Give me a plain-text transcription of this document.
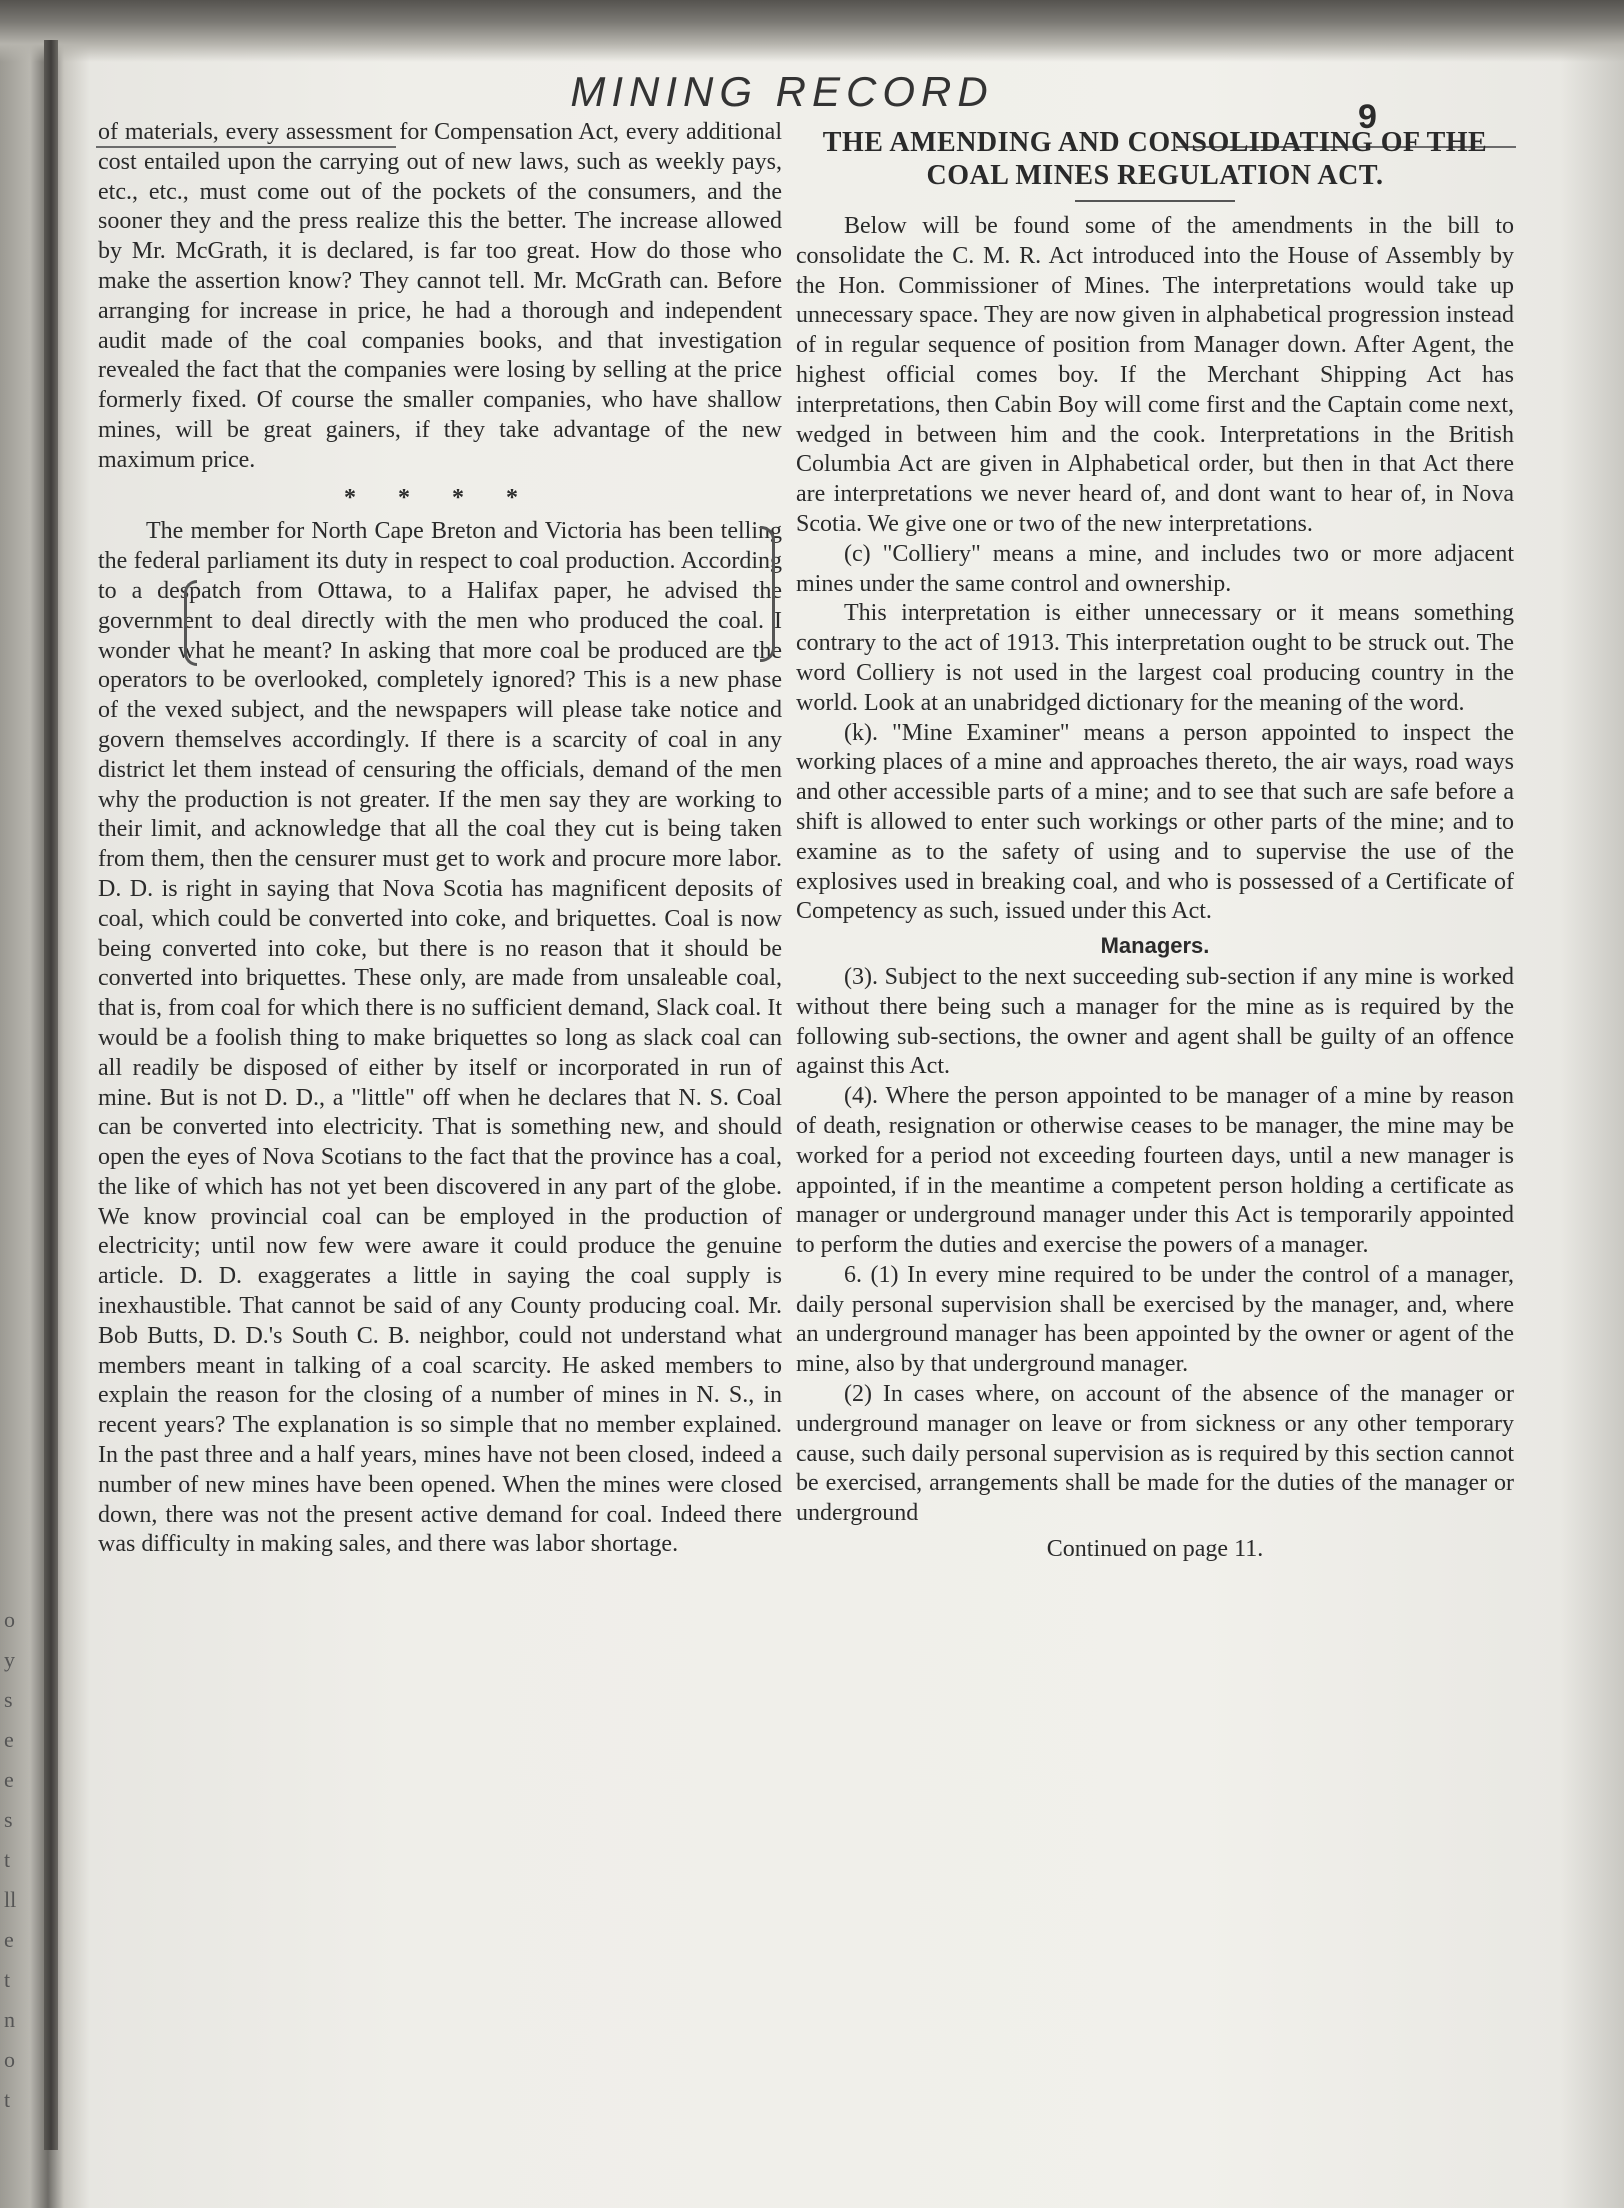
o
y
s
e
e
s
t
ll
e
t
n
o
t
MINING RECORD
9

of materials, every assessment for Compensation Act, every additional cost entailed upon the carrying out of new laws, such as weekly pays, etc., etc., must come out of the pockets of the consumers, and the sooner they and the press realize this the better. The increase allowed by Mr. McGrath, it is declared, is far too great. How do those who make the assertion know? They cannot tell. Mr. McGrath can. Before arranging for increase in price, he had a thorough and independent audit made of the coal companies books, and that investigation revealed the fact that the companies were losing by selling at the price formerly fixed. Of course the smaller companies, who have shallow mines, will be great gainers, if they take advantage of the new maximum price.

* * * *

The member for North Cape Breton and Victoria has been telling the federal parliament its duty in respect to coal production. According to a despatch from Ottawa, to a Halifax paper, he advised the government to deal directly with the men who produced the coal. I wonder what he meant? In asking that more coal be produced are the operators to be overlooked, completely ignored? This is a new phase of the vexed subject, and the newspapers will please take notice and govern themselves accordingly. If there is a scarcity of coal in any district let them instead of censuring the officials, demand of the men why the production is not greater. If the men say they are working to their limit, and acknowledge that all the coal they cut is being taken from them, then the censurer must get to work and procure more labor. D. D. is right in saying that Nova Scotia has magnificent deposits of coal, which could be converted into coke, and briquettes. Coal is now being converted into coke, but there is no reason that it should be converted into briquettes. These only, are made from unsaleable coal, that is, from coal for which there is no sufficient demand, Slack coal. It would be a foolish thing to make briquettes so long as slack coal can all readily be disposed of either by itself or incorporated in run of mine. But is not D. D., a "little" off when he declares that N. S. Coal can be converted into electricity. That is something new, and should open the eyes of Nova Scotians to the fact that the province has a coal, the like of which has not yet been discovered in any part of the globe. We know provincial coal can be employed in the production of electricity; until now few were aware it could produce the genuine article. D. D. exaggerates a little in saying the coal supply is inexhaustible. That cannot be said of any County producing coal. Mr. Bob Butts, D. D.'s South C. B. neighbor, could not understand what members meant in talking of a coal scarcity. He asked members to explain the reason for the closing of a number of mines in N. S., in recent years? The explanation is so simple that no member explained. In the past three and a half years, mines have not been closed, indeed a number of new mines have been opened. When the mines were closed down, there was not the present active demand for coal. Indeed there was difficulty in making sales, and there was labor shortage.

THE AMENDING AND CONSOLIDATING OF THE COAL MINES REGULATION ACT.

Below will be found some of the amendments in the bill to consolidate the C. M. R. Act introduced into the House of Assembly by the Hon. Commissioner of Mines. The interpretations would take up unnecessary space. They are now given in alphabetical progression instead of in regular sequence of position from Manager down. After Agent, the highest official comes boy. If the Merchant Shipping Act has interpretations, then Cabin Boy will come first and the Captain come next, wedged in between him and the cook. Interpretations in the British Columbia Act are given in Alphabetical order, but then in that Act there are interpretations we never heard of, and dont want to hear of, in Nova Scotia. We give one or two of the new interpretations.

(c) "Colliery" means a mine, and includes two or more adjacent mines under the same control and ownership.

This interpretation is either unnecessary or it means something contrary to the act of 1913. This interpretation ought to be struck out. The word Colliery is not used in the largest coal producing country in the world. Look at an unabridged dictionary for the meaning of the word.

(k). "Mine Examiner" means a person appointed to inspect the working places of a mine and approaches thereto, the air ways, road ways and other accessible parts of a mine; and to see that such are safe before a shift is allowed to enter such workings or other parts of the mine; and to examine as to the safety of using and to supervise the use of the explosives used in breaking coal, and who is possessed of a Certificate of Competency as such, issued under this Act.

Managers.

(3). Subject to the next succeeding sub-section if any mine is worked without there being such a manager for the mine as is required by the following sub-sections, the owner and agent shall be guilty of an offence against this Act.

(4). Where the person appointed to be manager of a mine by reason of death, resignation or otherwise ceases to be manager, the mine may be worked for a period not exceeding fourteen days, until a new manager is appointed, if in the meantime a competent person holding a certificate as manager or underground manager under this Act is temporarily appointed to perform the duties and exercise the powers of a manager.

6. (1) In every mine required to be under the control of a manager, daily personal supervision shall be exercised by the manager, and, where an underground manager has been appointed by the owner or agent of the mine, also by that underground manager.

(2) In cases where, on account of the absence of the manager or underground manager on leave or from sickness or any other temporary cause, such daily personal supervision as is required by this section cannot be exercised, arrangements shall be made for the duties of the manager or underground

Continued on page 11.
